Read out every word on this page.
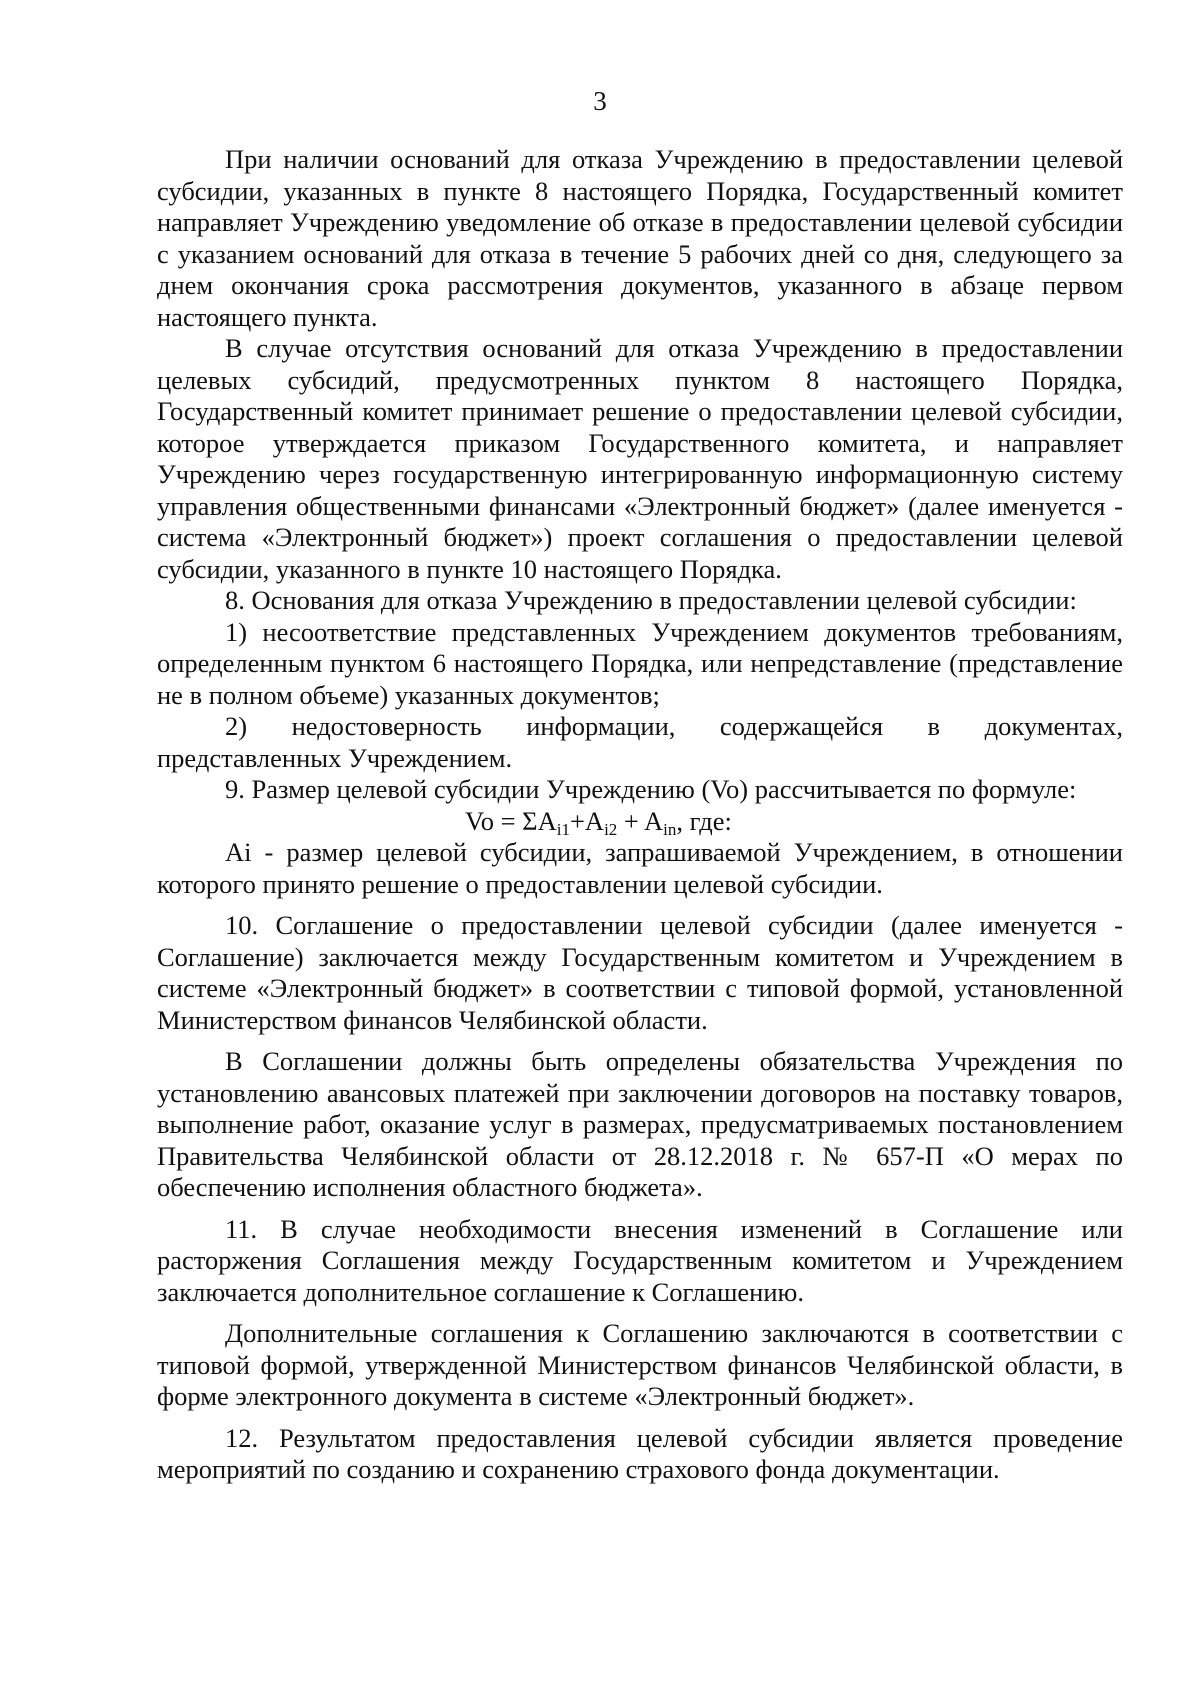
3

При наличии оснований для отказа Учреждению в предоставлении целевой субсидии, указанных в пункте 8 настоящего Порядка, Государственный комитет направляет Учреждению уведомление об отказе в предоставлении целевой субсидии с указанием оснований для отказа в течение 5 рабочих дней со дня, следующего за днем окончания срока рассмотрения документов, указанного в абзаце первом настоящего пункта.

В случае отсутствия оснований для отказа Учреждению в предоставлении целевых субсидий, предусмотренных пунктом 8 настоящего Порядка, Государственный комитет принимает решение о предоставлении целевой субсидии, которое утверждается приказом Государственного комитета, и направляет Учреждению через государственную интегрированную информационную систему управления общественными финансами «Электронный бюджет» (далее именуется - система «Электронный бюджет») проект соглашения о предоставлении целевой субсидии, указанного в пункте 10 настоящего Порядка.

8. Основания для отказа Учреждению в предоставлении целевой субсидии:

1) несоответствие представленных Учреждением документов требованиям, определенным пунктом 6 настоящего Порядка, или непредставление (представление не в полном объеме) указанных документов;

2) недостоверность информации, содержащейся в документах, представленных Учреждением.

9. Размер целевой субсидии Учреждению (Vo) рассчитывается по формуле:

$Vo = \Sigma A_{i1}+A_{i2} + A_{in}$, где:

Ai - размер целевой субсидии, запрашиваемой Учреждением, в отношении которого принято решение о предоставлении целевой субсидии.

10. Соглашение о предоставлении целевой субсидии (далее именуется - Соглашение) заключается между Государственным комитетом и Учреждением в системе «Электронный бюджет» в соответствии с типовой формой, установленной Министерством финансов Челябинской области.

В Соглашении должны быть определены обязательства Учреждения по установлению авансовых платежей при заключении договоров на поставку товаров, выполнение работ, оказание услуг в размерах, предусматриваемых постановлением Правительства Челябинской области от 28.12.2018 г. № 657-П «О мерах по обеспечению исполнения областного бюджета».

11. В случае необходимости внесения изменений в Соглашение или расторжения Соглашения между Государственным комитетом и Учреждением заключается дополнительное соглашение к Соглашению.

Дополнительные соглашения к Соглашению заключаются в соответствии с типовой формой, утвержденной Министерством финансов Челябинской области, в форме электронного документа в системе «Электронный бюджет».

12. Результатом предоставления целевой субсидии является проведение мероприятий по созданию и сохранению страхового фонда документации.
